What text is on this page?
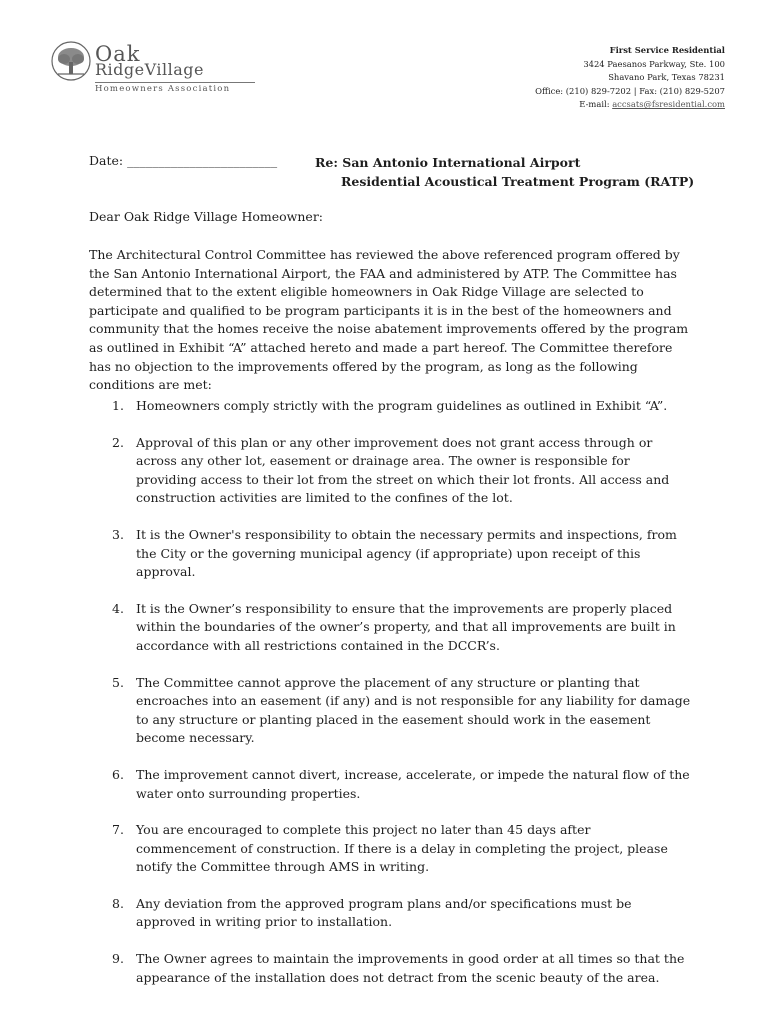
Oak
RidgeVillage
Homeowners Association
First Service Residential
3424 Paesanos Parkway, Ste. 100
Shavano Park, Texas 78231
Office: (210) 829-7202 | Fax: (210) 829-5207
E-mail: accsats@fsresidential.com
Date: ________________________	Re: San Antonio International Airport
Residential Acoustical Treatment Program (RATP)
Dear Oak Ridge Village Homeowner:
The Architectural Control Committee has reviewed the above referenced program offered by the San Antonio International Airport, the FAA and administered by ATP. The Committee has determined that to the extent eligible homeowners in Oak Ridge Village are selected to participate and qualified to be program participants it is in the best of the homeowners and community that the homes receive the noise abatement improvements offered by the program as outlined in Exhibit “A” attached hereto and made a part hereof. The Committee therefore has no objection to the improvements offered by the program, as long as the following conditions are met:
1. Homeowners comply strictly with the program guidelines as outlined in Exhibit “A”.
2. Approval of this plan or any other improvement does not grant access through or across any other lot, easement or drainage area. The owner is responsible for providing access to their lot from the street on which their lot fronts. All access and construction activities are limited to the confines of the lot.
3. It is the Owner's responsibility to obtain the necessary permits and inspections, from the City or the governing municipal agency (if appropriate) upon receipt of this approval.
4. It is the Owner’s responsibility to ensure that the improvements are properly placed within the boundaries of the owner’s property, and that all improvements are built in accordance with all restrictions contained in the DCCR’s.
5. The Committee cannot approve the placement of any structure or planting that encroaches into an easement (if any) and is not responsible for any liability for damage to any structure or planting placed in the easement should work in the easement become necessary.
6. The improvement cannot divert, increase, accelerate, or impede the natural flow of the water onto surrounding properties.
7. You are encouraged to complete this project no later than 45 days after commencement of construction. If there is a delay in completing the project, please notify the Committee through AMS in writing.
8. Any deviation from the approved program plans and/or specifications must be approved in writing prior to installation.
9. The Owner agrees to maintain the improvements in good order at all times so that the appearance of the installation does not detract from the scenic beauty of the area.
